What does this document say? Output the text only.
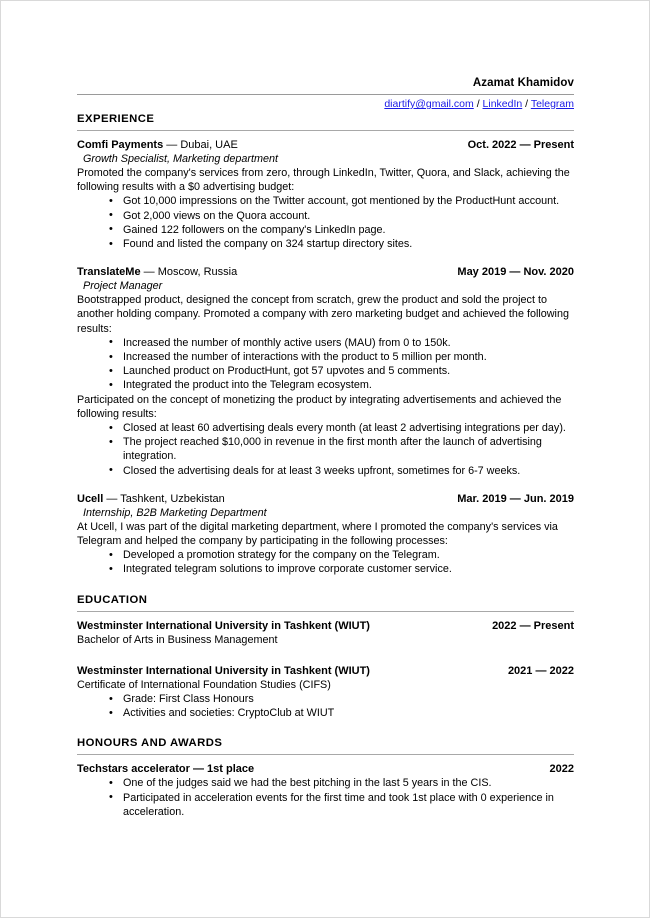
Azamat Khamidov
diartify@gmail.com / LinkedIn / Telegram
EXPERIENCE
Comfi Payments — Dubai, UAE	Oct. 2022 — Present
Growth Specialist, Marketing department

Promoted the company's services from zero, through LinkedIn, Twitter, Quora, and Slack, achieving the following results with a $0 advertising budget:

• Got 10,000 impressions on the Twitter account, got mentioned by the ProductHunt account.
• Got 2,000 views on the Quora account.
• Gained 122 followers on the company's LinkedIn page.
• Found and listed the company on 324 startup directory sites.
TranslateMe — Moscow, Russia	May 2019 — Nov. 2020
Project Manager

Bootstrapped product, designed the concept from scratch, grew the product and sold the project to another holding company. Promoted a company with zero marketing budget and achieved the following results:

• Increased the number of monthly active users (MAU) from 0 to 150k.
• Increased the number of interactions with the product to 5 million per month.
• Launched product on ProductHunt, got 57 upvotes and 5 comments.
• Integrated the product into the Telegram ecosystem.

Participated on the concept of monetizing the product by integrating advertisements and achieved the following results:

• Closed at least 60 advertising deals every month (at least 2 advertising integrations per day).
• The project reached $10,000 in revenue in the first month after the launch of advertising integration.
• Closed the advertising deals for at least 3 weeks upfront, sometimes for 6-7 weeks.
Ucell — Tashkent, Uzbekistan	Mar. 2019 — Jun. 2019
Internship, B2B Marketing Department

At Ucell, I was part of the digital marketing department, where I promoted the company's services via Telegram and helped the company by participating in the following processes:

• Developed a promotion strategy for the company on the Telegram.
• Integrated telegram solutions to improve corporate customer service.
EDUCATION
Westminster International University in Tashkent (WIUT)	2022 — Present
Bachelor of Arts in Business Management
Westminster International University in Tashkent (WIUT)	2021 — 2022
Certificate of International Foundation Studies (CIFS)
• Grade: First Class Honours
• Activities and societies: CryptoClub at WIUT
HONOURS AND AWARDS
Techstars accelerator — 1st place	2022
• One of the judges said we had the best pitching in the last 5 years in the CIS.
• Participated in acceleration events for the first time and took 1st place with 0 experience in acceleration.
